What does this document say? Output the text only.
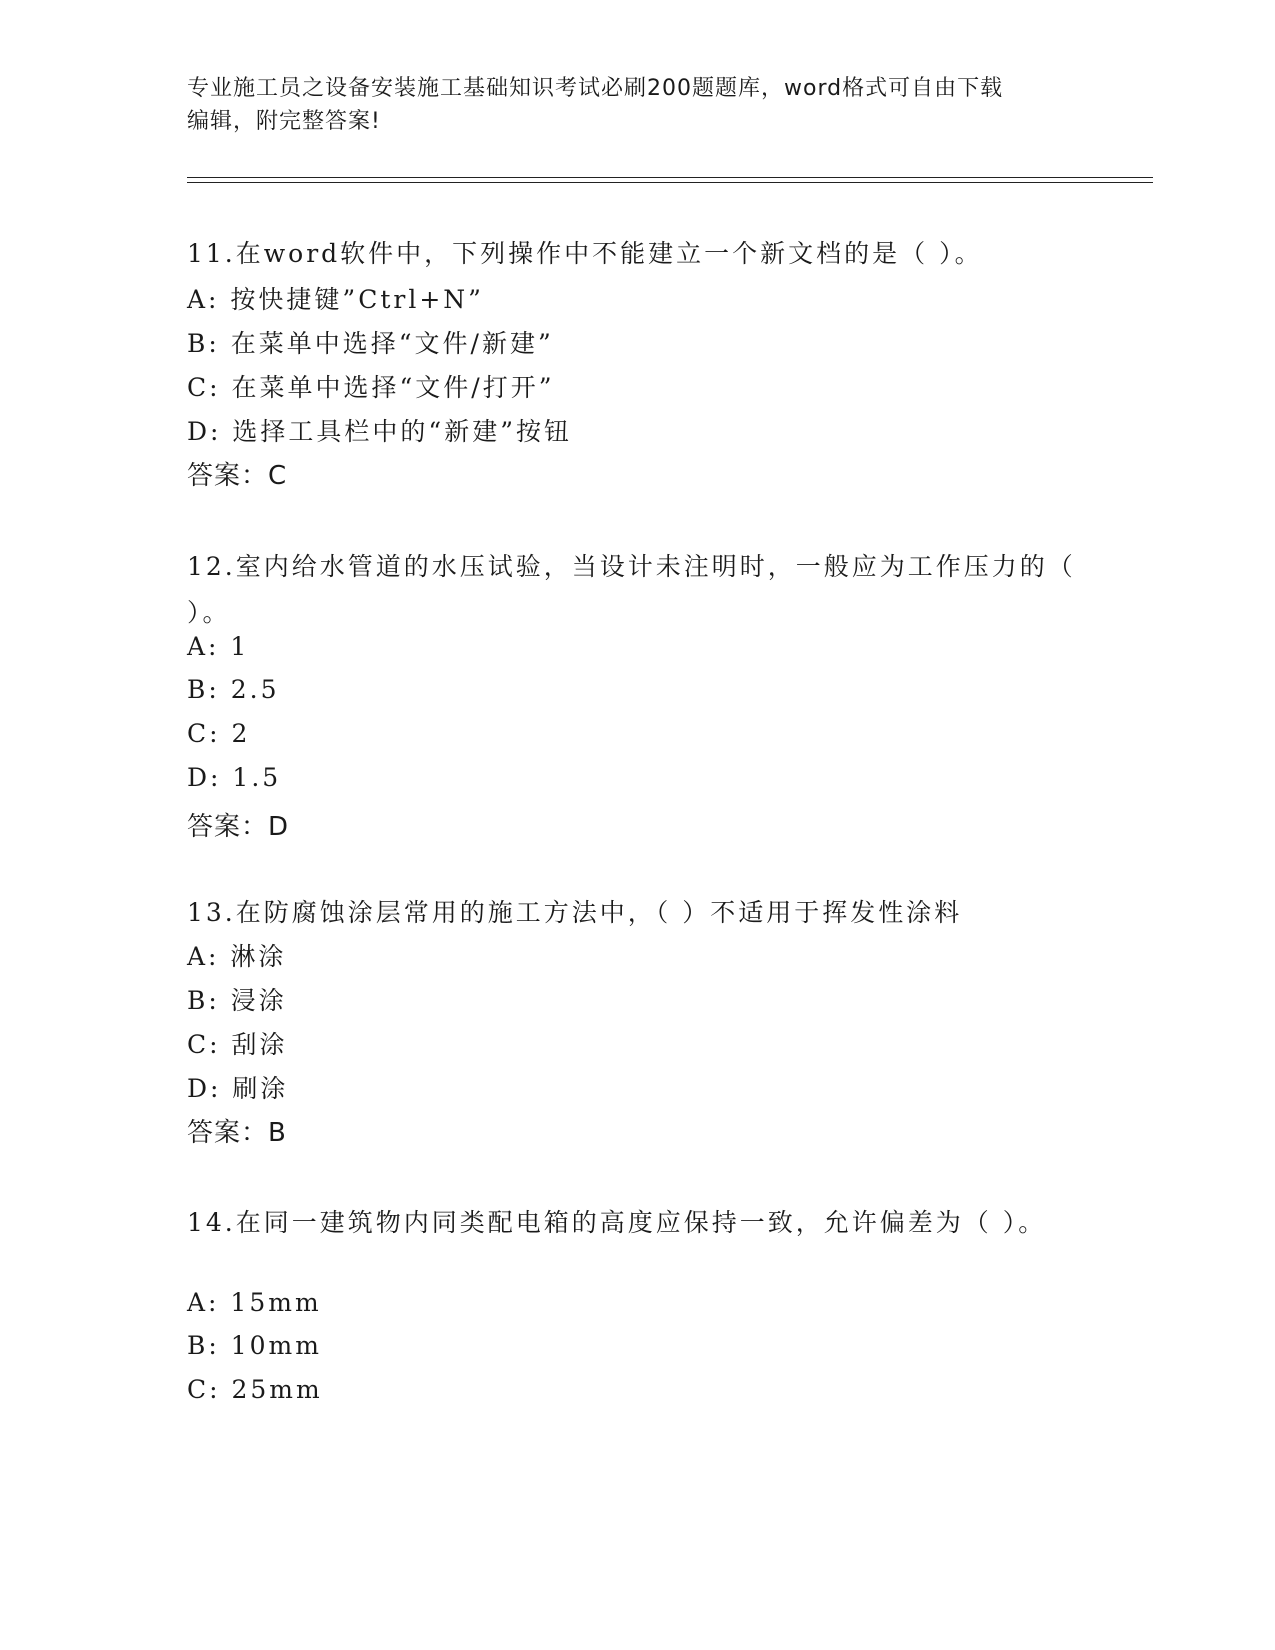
专业施工员之设备安装施工基础知识考试必刷200题题库，word格式可自由下载
编辑，附完整答案!
11.在word软件中，下列操作中不能建立一个新文档的是（ ）。
A: 按快捷键”Ctrl+N”
B: 在菜单中选择“文件/新建”
C: 在菜单中选择“文件/打开”
D: 选择工具栏中的“新建”按钮
答案：C
12.室内给水管道的水压试验，当设计未注明时，一般应为工作压力的（ ）。
A: 1
B: 2.5
C: 2
D: 1.5
答案：D
13.在防腐蚀涂层常用的施工方法中，（ ）不适用于挥发性涂料
A: 淋涂
B: 浸涂
C: 刮涂
D: 刷涂
答案：B
14.在同一建筑物内同类配电箱的高度应保持一致，允许偏差为（ ）。
A: 15mm
B: 10mm
C: 25mm
